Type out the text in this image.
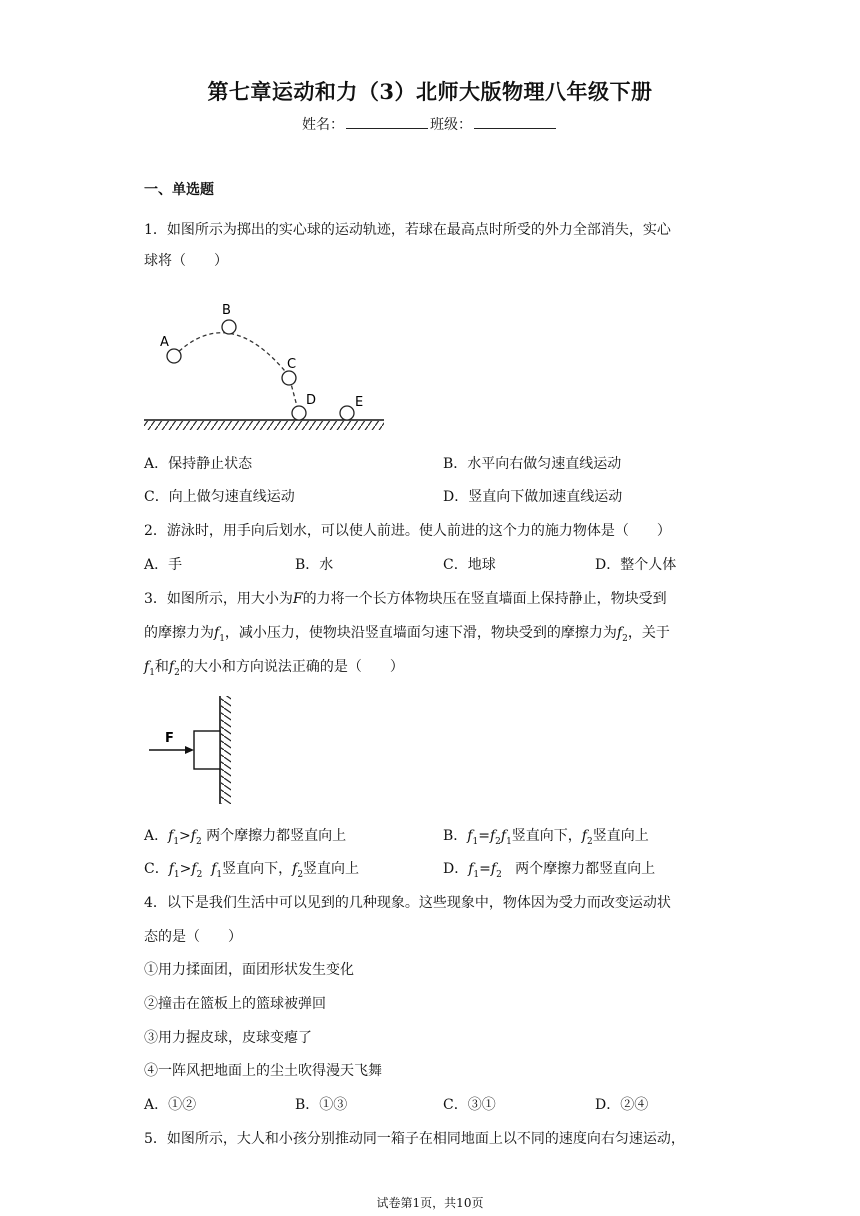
第七章运动和力（3）北师大版物理八年级下册
姓名：	班级：
一、单选题
1．如图所示为掷出的实心球的运动轨迹，若球在最高点时所受的外力全部消失，实心
球将（　　）
A
B
C
D	E
A．保持静止状态	B．水平向右做匀速直线运动
C．向上做匀速直线运动	D．竖直向下做加速直线运动
2．游泳时，用手向后划水，可以使人前进。使人前进的这个力的施力物体是（　　）
A．手	B．水	C．地球	D．整个人体
3．如图所示，用大小为F的力将一个长方体物块压在竖直墙面上保持静止，物块受到
的摩擦力为$f_1$，减小压力，使物块沿竖直墙面匀速下滑，物块受到的摩擦力为$f_2$，关于
$f_1$和$f_2$的大小和方向说法正确的是（　　）
F
A．$f_1>f_2$ 两个摩擦力都竖直向上	B．$f_1=f_2f_1$竖直向下，$f_2$竖直向上
C．$f_1>f_2$ $f_1$竖直向下，$f_2$竖直向上	D．$f_1=f_2$ 两个摩擦力都竖直向上
4．以下是我们生活中可以见到的几种现象。这些现象中，物体因为受力而改变运动状
态的是（　　）
①用力揉面团，面团形状发生变化
②撞击在篮板上的篮球被弹回
③用力握皮球，皮球变瘪了
④一阵风把地面上的尘土吹得漫天飞舞
A．①②	B．①③	C．③①	D．②④
5．如图所示，大人和小孩分别推动同一箱子在相同地面上以不同的速度向右匀速运动，
试卷第1页，共10页
